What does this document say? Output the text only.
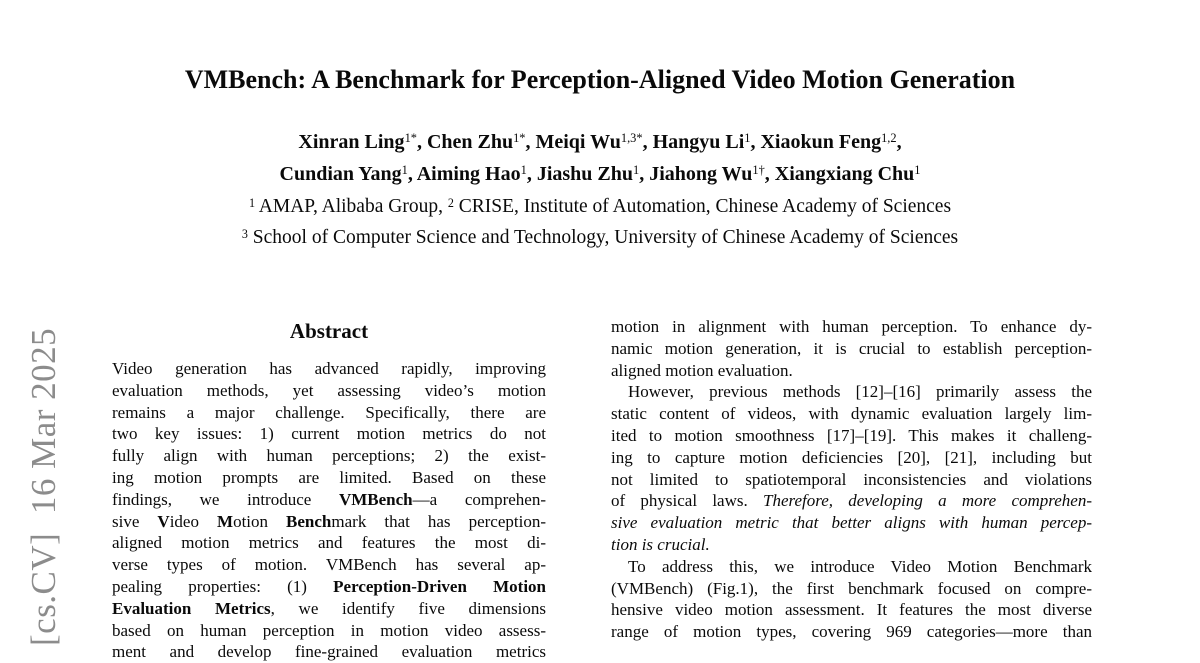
[cs.CV]  16 Mar 2025
VMBench: A Benchmark for Perception-Aligned Video Motion Generation
Xinran Ling$^{1*}$, Chen Zhu$^{1*}$, Meiqi $Wu^{1,3*}$, Hangyu Li$^1$, Xiaokun Feng$^{1,2}$,
Cundian Yang$^1$, Aiming Hao$^1$, Jiashu Zhu$^1$, Jiahong $Wu^{1\dagger}$, Xiangxiang Chu$^1$
$^1$ AMAP, Alibaba Group, $^2$ CRISE, Institute of Automation, Chinese Academy of Sciences
$^3$ School of Computer Science and Technology, University of Chinese Academy of Sciences
Abstract
Video generation has advanced rapidly, improving
evaluation methods, yet assessing video’s motion
remains a major challenge. Specifically, there are
two key issues: 1) current motion metrics do not
fully align with human perceptions; 2) the exist-
ing motion prompts are limited. Based on these
findings, we introduce VMBench—a comprehen-
sive Video Motion Benchmark that has perception-
aligned motion metrics and features the most di-
verse types of motion. VMBench has several ap-
pealing properties: (1) Perception-Driven Motion
Evaluation Metrics, we identify five dimensions
based on human perception in motion video assess-
ment and develop fine-grained evaluation metrics
motion in alignment with human perception. To enhance dy-
namic motion generation, it is crucial to establish perception-
aligned motion evaluation.
However, previous methods [12]–[16] primarily assess the
static content of videos, with dynamic evaluation largely lim-
ited to motion smoothness [17]–[19]. This makes it challeng-
ing to capture motion deficiencies [20], [21], including but
not limited to spatiotemporal inconsistencies and violations
of physical laws. Therefore, developing a more comprehen-
sive evaluation metric that better aligns with human percep-
tion is crucial.
To address this, we introduce Video Motion Benchmark
(VMBench) (Fig.1), the first benchmark focused on compre-
hensive video motion assessment. It features the most diverse
range of motion types, covering 969 categories—more than
